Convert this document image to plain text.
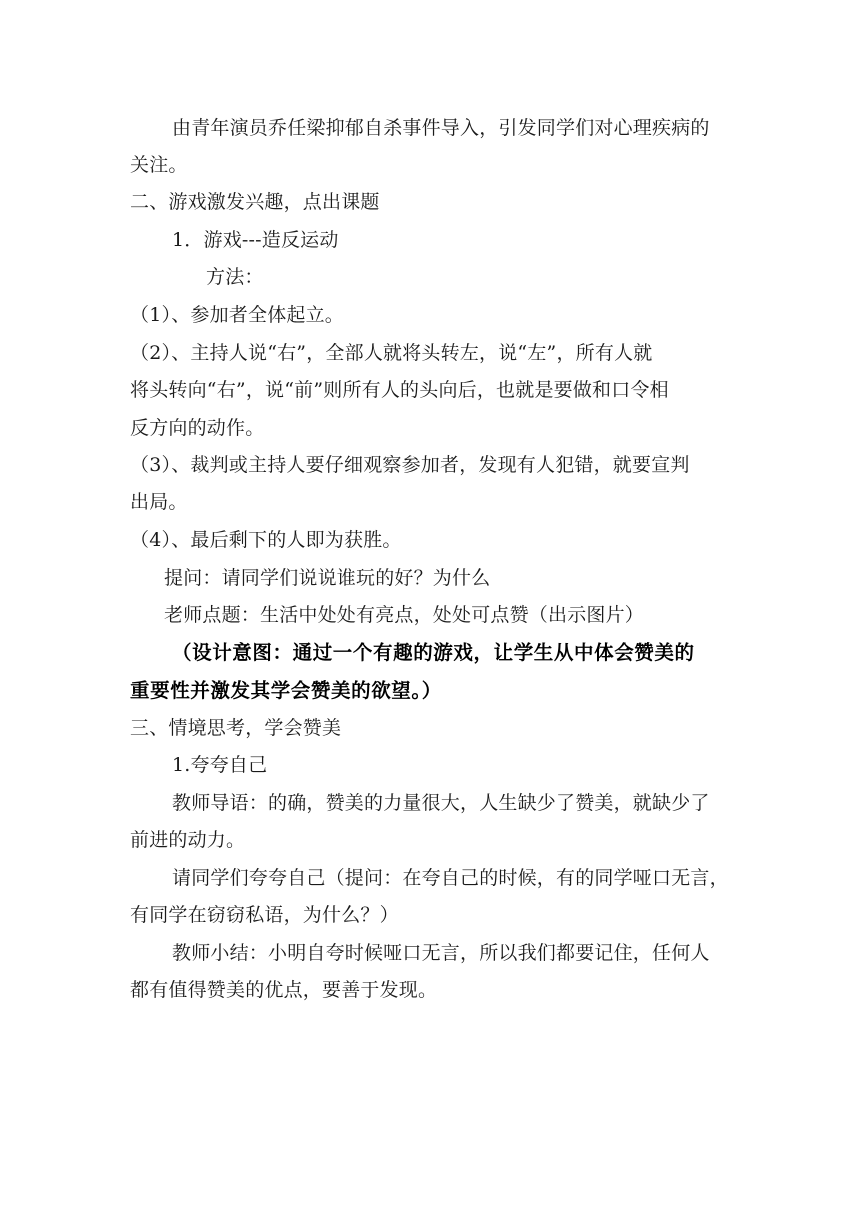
由青年演员乔任梁抑郁自杀事件导入，引发同学们对心理疾病的
关注。
二、游戏激发兴趣，点出课题
1．游戏---造反运动
方法：
（1）、参加者全体起立。
（2）、主持人说“右”，全部人就将头转左，说“左”，所有人就
将头转向“右”，说“前”则所有人的头向后，也就是要做和口令相
反方向的动作。
（3）、裁判或主持人要仔细观察参加者，发现有人犯错，就要宣判
出局。
（4）、最后剩下的人即为获胜。
提问：请同学们说说谁玩的好？为什么
老师点题：生活中处处有亮点，处处可点赞（出示图片）
（设计意图：通过一个有趣的游戏，让学生从中体会赞美的
重要性并激发其学会赞美的欲望。）
三、情境思考，学会赞美
1.夸夸自己
教师导语：的确，赞美的力量很大，人生缺少了赞美，就缺少了
前进的动力。
请同学们夸夸自己（提问：在夸自己的时候，有的同学哑口无言，
有同学在窃窃私语，为什么？）
教师小结：小明自夸时候哑口无言，所以我们都要记住，任何人
都有值得赞美的优点，要善于发现。
